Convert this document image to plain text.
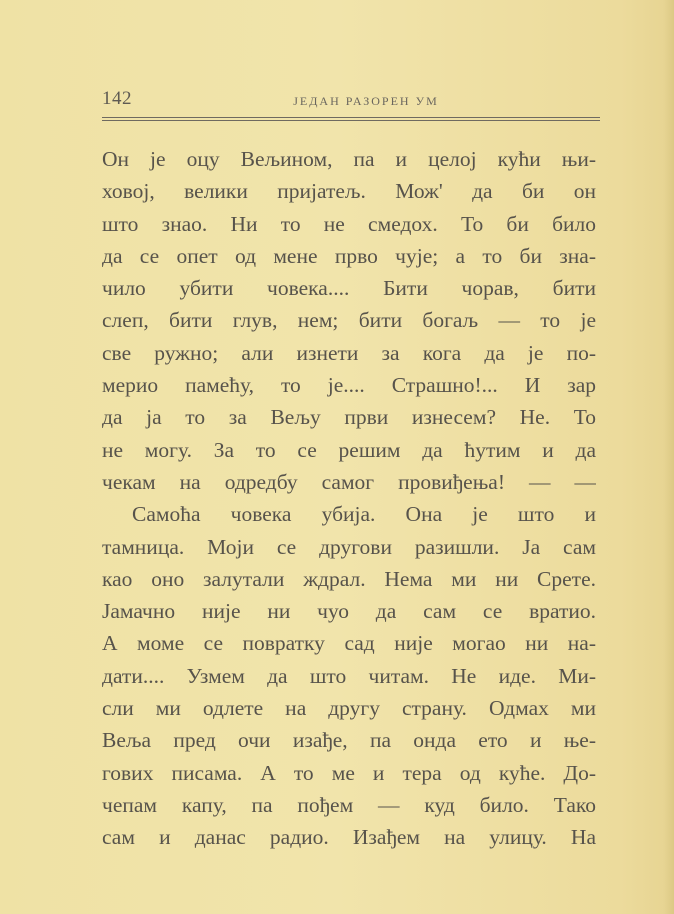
142	ЈЕДАН РАЗОРЕН УМ
Он је оцу Вељином, па и целој кући њи-
ховој, велики пријатељ. Мож' да би он
што знао. Ни то не смедох. То би било
да се опет од мене прво чује; а то би зна-
чило убити човека.... Бити чорав, бити
слеп, бити глув, нем; бити богаљ — то је
све ружно; али изнети за кога да је по-
мерио памећу, то је.... Страшно!... И зар
да ја то за Вељу први изнесем? Не. То
не могу. За то се решим да ћутим и да
чекам на одредбу самог провиђења! — —
Самоћа човека убија. Она је што и
тамница. Моји се другови разишли. Ја сам
као оно залутали ждрал. Нема ми ни Срете.
Јамачно није ни чуо да сам се вратио.
А моме се повратку сад није могао ни на-
дати.... Узмем да што читам. Не иде. Ми-
сли ми одлете на другу страну. Одмах ми
Веља пред очи изађе, па онда ето и ње-
гових писама. А то ме и тера од куће. До-
чепам капу, па пођем — куд било. Тако
сам и данас радио. Изађем на улицу. На
